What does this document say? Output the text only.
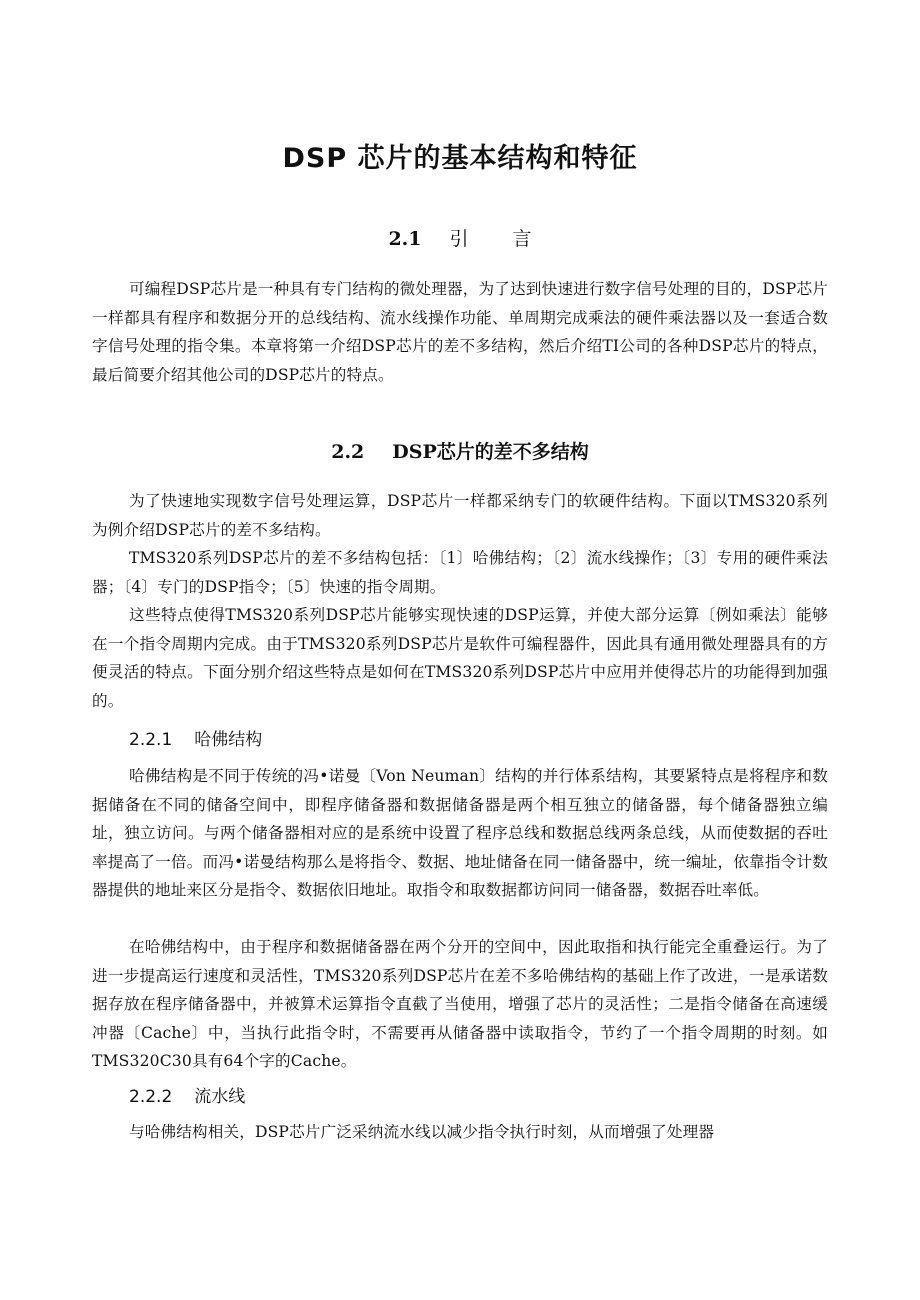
DSP 芯片的基本结构和特征
2.1 引言

可编程DSP芯片是一种具有专门结构的微处理器，为了达到快速进行数字信号处理的目的，DSP芯片一样都具有程序和数据分开的总线结构、流水线操作功能、单周期完成乘法的硬件乘法器以及一套适合数字信号处理的指令集。本章将第一介绍DSP芯片的差不多结构，然后介绍TI公司的各种DSP芯片的特点，最后简要介绍其他公司的DSP芯片的特点。

2.2 DSP芯片的差不多结构

为了快速地实现数字信号处理运算，DSP芯片一样都采纳专门的软硬件结构。下面以TMS320系列为例介绍DSP芯片的差不多结构。

TMS320系列DSP芯片的差不多结构包括：〔1〕哈佛结构；〔2〕流水线操作；〔3〕专用的硬件乘法器；〔4〕专门的DSP指令；〔5〕快速的指令周期。

这些特点使得TMS320系列DSP芯片能够实现快速的DSP运算，并使大部分运算〔例如乘法〕能够在一个指令周期内完成。由于TMS320系列DSP芯片是软件可编程器件，因此具有通用微处理器具有的方便灵活的特点。下面分别介绍这些特点是如何在TMS320系列DSP芯片中应用并使得芯片的功能得到加强的。

2.2.1 哈佛结构

哈佛结构是不同于传统的冯•诺曼〔Von Neuman〕结构的并行体系结构，其要紧特点是将程序和数据储备在不同的储备空间中，即程序储备器和数据储备器是两个相互独立的储备器，每个储备器独立编址，独立访问。与两个储备器相对应的是系统中设置了程序总线和数据总线两条总线，从而使数据的吞吐率提高了一倍。而冯•诺曼结构那么是将指令、数据、地址储备在同一储备器中，统一编址，依靠指令计数器提供的地址来区分是指令、数据依旧地址。取指令和取数据都访问同一储备器，数据吞吐率低。

在哈佛结构中，由于程序和数据储备器在两个分开的空间中，因此取指和执行能完全重叠运行。为了进一步提高运行速度和灵活性，TMS320系列DSP芯片在差不多哈佛结构的基础上作了改进，一是承诺数据存放在程序储备器中，并被算术运算指令直截了当使用，增强了芯片的灵活性；二是指令储备在高速缓冲器〔Cache〕中，当执行此指令时，不需要再从储备器中读取指令，节约了一个指令周期的时刻。如TMS320C30具有64个字的Cache。

2.2.2 流水线

与哈佛结构相关，DSP芯片广泛采纳流水线以减少指令执行时刻，从而增强了处理器
